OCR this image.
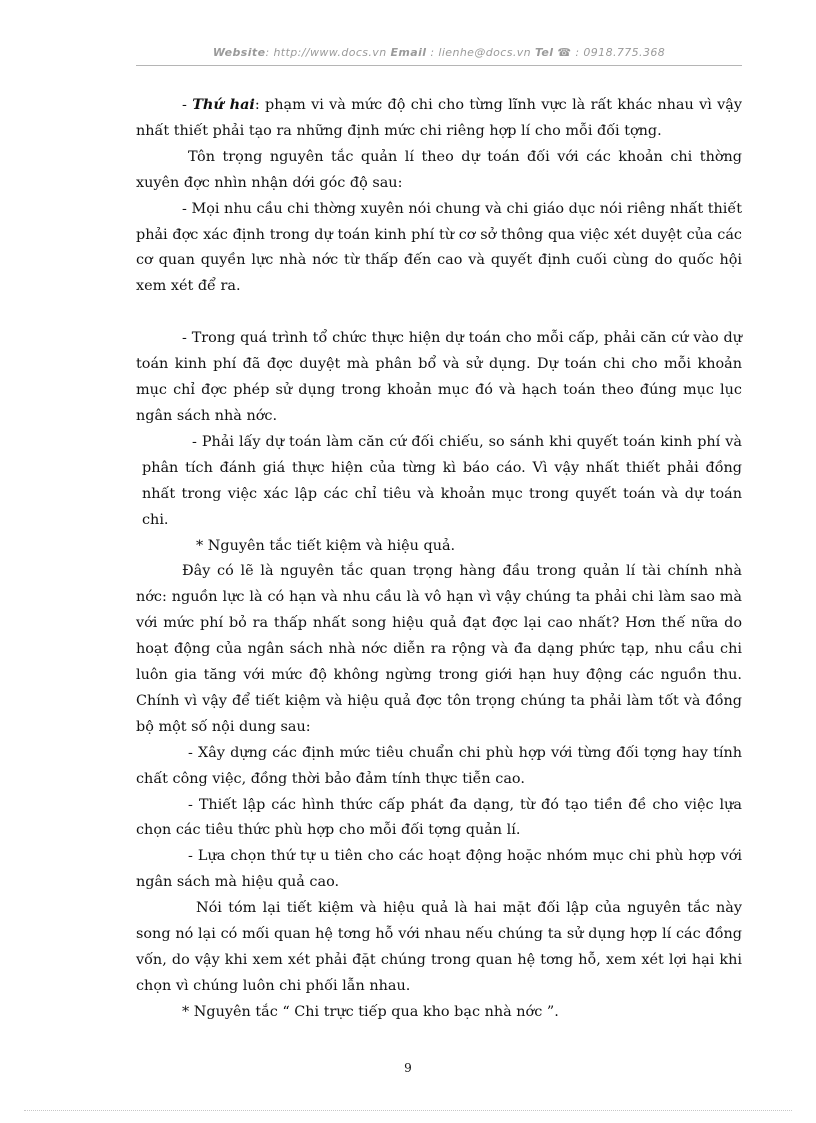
Website: http://www.docs.vn Email : lienhe@docs.vn Tel ☎ : 0918.775.368

- Thứ hai: phạm vi và mức độ chi cho từng lĩnh vực là rất khác nhau vì vậy nhất thiết phải tạo ra những định mức chi riêng hợp lí cho mỗi đối tợng.

Tôn trọng nguyên tắc quản lí theo dự toán đối với các khoản chi thờng xuyên đợc nhìn nhận dới góc độ sau:

- Mọi nhu cầu chi thờng xuyên nói chung và chi giáo dục nói riêng nhất thiết phải đợc xác định trong dự toán kinh phí từ cơ sở thông qua việc xét duyệt của các cơ quan quyền lực nhà nớc từ thấp đến cao và quyết định cuối cùng do quốc hội xem xét để ra.

- Trong quá trình tổ chức thực hiện dự toán cho mỗi cấp, phải căn cứ vào dự toán kinh phí đã đợc duyệt mà phân bổ và sử dụng. Dự toán chi cho mỗi khoản mục chỉ đợc phép sử dụng trong khoản mục đó và hạch toán theo đúng mục lục ngân sách nhà nớc.

- Phải lấy dự toán làm căn cứ đối chiếu, so sánh khi quyết toán kinh phí và phân tích đánh giá thực hiện của từng kì báo cáo. Vì vậy nhất thiết phải đồng nhất trong việc xác lập các chỉ tiêu và khoản mục trong quyết toán và dự toán chi.

* Nguyên tắc tiết kiệm và hiệu quả.

Đây có lẽ là nguyên tắc quan trọng hàng đầu trong quản lí tài chính nhà nớc: nguồn lực là có hạn và nhu cầu là vô hạn vì vậy chúng ta phải chi làm sao mà với mức phí bỏ ra thấp nhất song hiệu quả đạt đợc lại cao nhất? Hơn thế nữa do hoạt động của ngân sách nhà nớc diễn ra rộng và đa dạng phức tạp, nhu cầu chi luôn gia tăng với mức độ không ngừng trong giới hạn huy động các nguồn thu. Chính vì vậy để tiết kiệm và hiệu quả đợc tôn trọng chúng ta phải làm tốt và đồng bộ một số nội dung sau:

- Xây dựng các định mức tiêu chuẩn chi phù hợp với từng đối tợng hay tính chất công việc, đồng thời bảo đảm tính thực tiễn cao.

- Thiết lập các hình thức cấp phát đa dạng, từ đó tạo tiền đề cho việc lựa chọn các tiêu thức phù hợp cho mỗi đối tợng quản lí.

- Lựa chọn thứ tự u tiên cho các hoạt động hoặc nhóm mục chi phù hợp với ngân sách mà hiệu quả cao.

Nói tóm lại tiết kiệm và hiệu quả là hai mặt đối lập của nguyên tắc này song nó lại có mối quan hệ tơng hỗ với nhau nếu chúng ta sử dụng hợp lí các đồng vốn, do vậy khi xem xét phải đặt chúng trong quan hệ tơng hỗ, xem xét lợi hại khi chọn vì chúng luôn chi phối lẫn nhau.

* Nguyên tắc “ Chi trực tiếp qua kho bạc nhà nớc ”.

9
